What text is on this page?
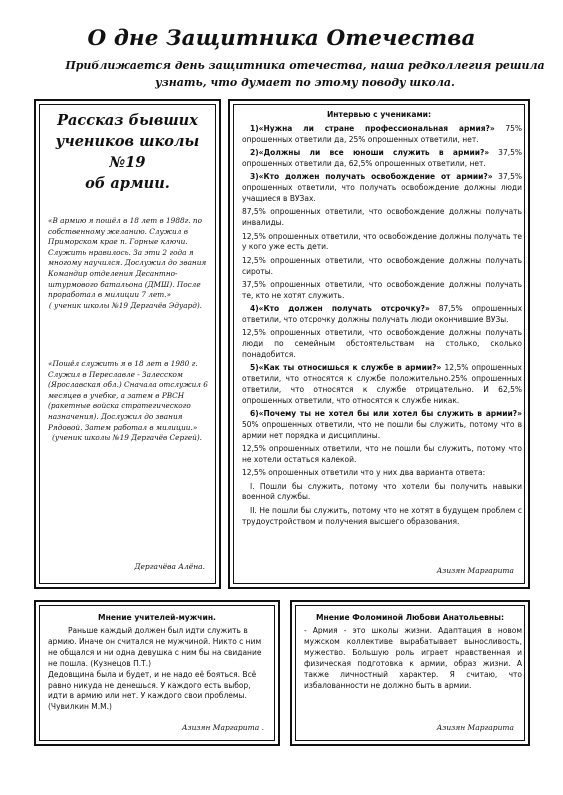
О дне Защитника Отечества

Приближается день защитника отечества, наша редколлегия решила

узнать, что думает по этому поводу школа.

Рассказ бывших

учеников школы

№19

об армии.

«В армию я пошёл в 18 лет в 1988г. по собственному желанию. Служил в Приморском крае п. Горные ключи. Служить нравилось. За эти 2 года я многому научился. Дослужил до звания Командир отделения Десантно-штурмового батальона (ДМШ). После проработал в милиции 7 лет.»

( ученик школы №19 Дергачёв Эдуард).

«Пошёл служить я в 18 лет в 1980 г. Служил в Переславле - Залесском (Ярославская обл.) Сначала отслужил 6 месяцев в учебке, а затем в РВСН (ракетные войска стратегического назначения). Дослужил до звания Рядовой. Затем работал в милиции.»

(ученик школы №19 Дергачёв Сергей).

Дергачёва Алёна.
Интервью с учениками:

1)«Нужна ли стране профессиональная армия?» 75% опрошенных ответили да, 25% опрошенных ответили, нет.

2)«Должны ли все юноши служить в армии?» 37,5% опрошенных ответили да, 62,5% опрошенных ответили, нет.

3)«Кто должен получать освобождение от армии?» 37,5% опрошенных ответили, что получать освобождение должны люди учащиеся в ВУЗах.

87,5% опрошенных ответили, что освобождение должны получать инвалиды.

12,5% опрошенных ответили, что освобождение должны получать те у кого уже есть дети.

12,5% опрошенных ответили, что освобождение должны получать сироты.

37,5% опрошенных ответили, что освобождение должны получать те, кто не хотят служить.

4)«Кто должен получать отсрочку?» 87,5% опрошенных ответили, что отсрочку должны получать люди окончившие ВУЗы.

12,5% опрошенных ответили, что освобождение должны получать люди по семейным обстоятельствам на столько, сколько понадобится.

5)«Как ты относишься к службе в армии?» 12,5% опрошенных ответили, что относятся к службе положительно.25% опрошенных ответили, что относятся к службе отрицательно. И 62,5% опрошенных ответили, что относятся к службе никак.

6)«Почему ты не хотел бы или хотел бы служить в армии?» 50% опрошенных ответили, что не пошли бы служить, потому что в армии нет порядка и дисциплины.

12,5% опрошенных ответили, что не пошли бы служить, потому что не хотели остаться калекой.

12,5% опрошенных ответили что у них два варианта ответа:

I. Пошли бы служить, потому что хотели бы получить навыки военной службы.

II. Не пошли бы служить, потому что не хотят в будущем проблем с трудоустройством и получения высшего образования.

Азизян Маргарита
Мнение учителей-мужчин.

Раньше каждый должен был идти служить в армию. Иначе он считался не мужчиной. Никто с ним не общался и ни одна девушка с ним бы на свидание не пошла. (Кузнецов П.Т.)

Дедовщина была и будет, и не надо её бояться. Всё равно никуда не денешься. У каждого есть выбор, идти в армию или нет. У каждого свои проблемы. (Чувилкин М.М.)

Азизян Маргарита .
Мнение Фоломиной Любови Анатольевны:

- Армия - это школы жизни. Адаптация в новом мужском коллективе вырабатывает выносливость, мужество. Большую роль играет нравственная и физическая подготовка к армии, образ жизни. А также личностный характер. Я считаю, что избалованности не должно быть в армии.

Азизян Маргарита
